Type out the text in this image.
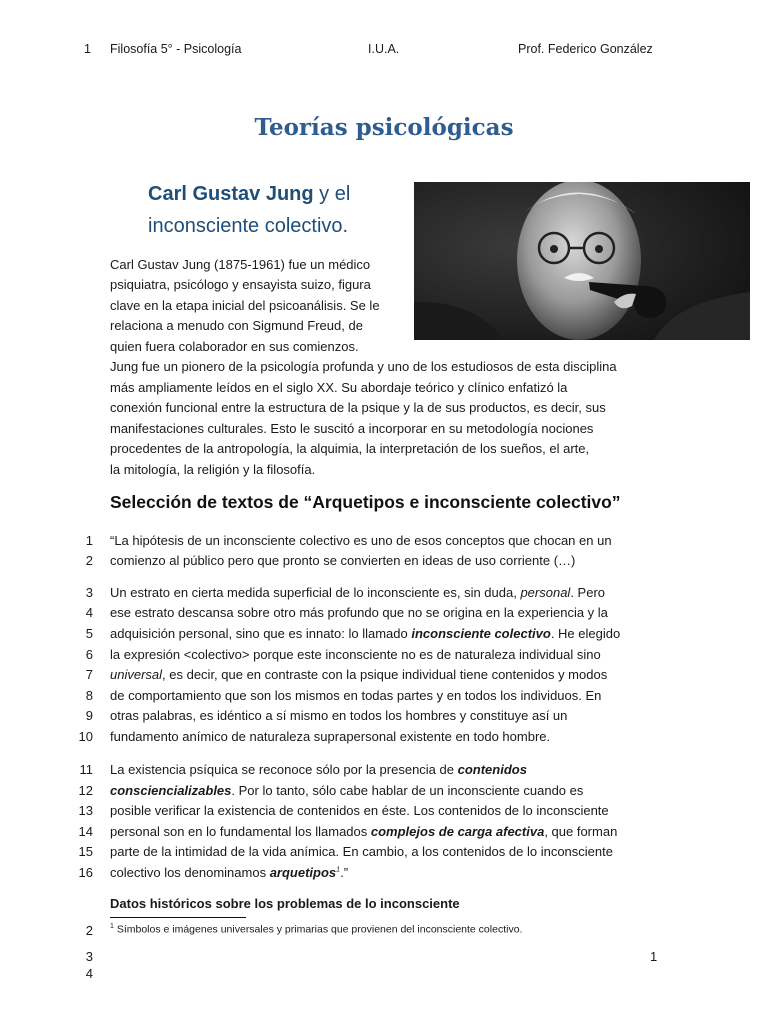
1 Filosofía 5° - Psicología	I.U.A.	Prof. Federico González
Teorías psicológicas
Carl Gustav Jung y el
inconsciente colectivo.
Carl Gustav Jung (1875-1961) fue un médico
psiquiatra, psicólogo y ensayista suizo, figura
clave en la etapa inicial del psicoanálisis. Se le
relaciona a menudo con Sigmund Freud, de
quien fuera colaborador en sus comienzos.
Jung fue un pionero de la psicología profunda y uno de los estudiosos de esta disciplina
más ampliamente leídos en el siglo XX. Su abordaje teórico y clínico enfatizó la
conexión funcional entre la estructura de la psique y la de sus productos, es decir, sus
manifestaciones culturales. Esto le suscitó a incorporar en su metodología nociones
procedentes de la antropología, la alquimia, la interpretación de los sueños, el arte,
la mitología, la religión y la filosofía.
Selección de textos de “Arquetipos e inconsciente colectivo”
1 “La hipótesis de un inconsciente colectivo es uno de esos conceptos que chocan en un
2 comienzo al público pero que pronto se convierten en ideas de uso corriente (…)
3 Un estrato en cierta medida superficial de lo inconsciente es, sin duda, personal. Pero
4 ese estrato descansa sobre otro más profundo que no se origina en la experiencia y la
5 adquisición personal, sino que es innato: lo llamado inconsciente colectivo. He elegido
6 la expresión <colectivo> porque este inconsciente no es de naturaleza individual sino
7 universal, es decir, que en contraste con la psique individual tiene contenidos y modos
8 de comportamiento que son los mismos en todas partes y en todos los individuos. En
9 otras palabras, es idéntico a sí mismo en todos los hombres y constituye así un
10 fundamento anímico de naturaleza suprapersonal existente en todo hombre.
11 La existencia psíquica se reconoce sólo por la presencia de contenidos
12 consciencializables. Por lo tanto, sólo cabe hablar de un inconsciente cuando es
13 posible verificar la existencia de contenidos en éste. Los contenidos de lo inconsciente
14 personal son en lo fundamental los llamados complejos de carga afectiva, que forman
15 parte de la intimidad de la vida anímica. En cambio, a los contenidos de lo inconsciente
16 colectivo los denominamos arquetipos$^1$.”
Datos históricos sobre los problemas de lo inconsciente
2
3
4
$^1$ Símbolos e imágenes universales y primarias que provienen del inconsciente colectivo.
1
